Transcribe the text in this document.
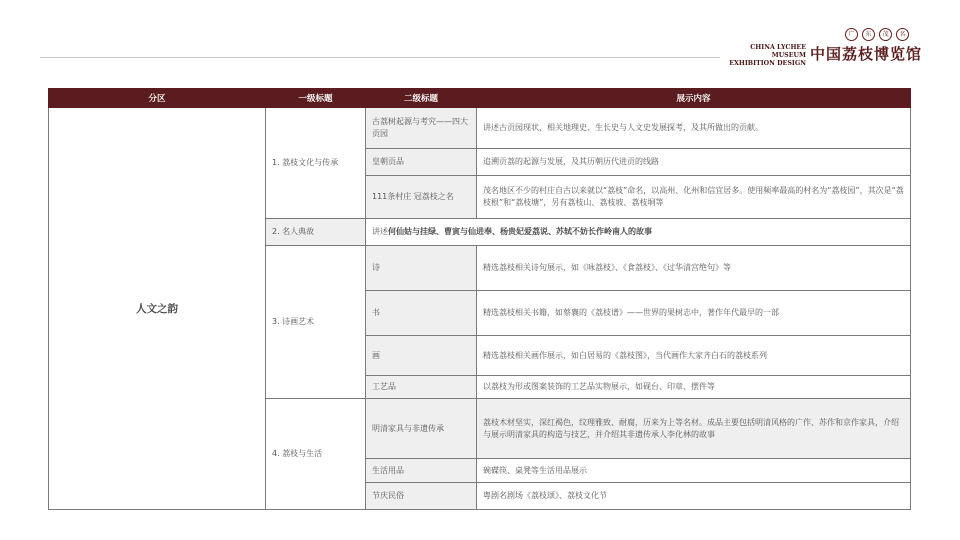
广	东	茂	名
CHINA LYCHEE MUSEUM
EXHIBITION DESIGN
中国荔枝博览馆
分区	一级标题	二级标题	展示内容
人文之韵	1. 荔枝文化与传承	古荔树起源与考究——四大贡园	讲述古贡园现状，相关地理史、生长史与人文史发展探考，及其所做出的贡献。
		皇朝贡品	追溯贡荔的起源与发展，及其历朝历代进贡的线路
		111条村庄 冠荔枝之名	茂名地区不少的村庄自古以来就以“荔枝”命名，以高州、化州和信宜居多。使用频率最高的村名为“荔枝园”，其次是“荔枝根”和“荔枝塘”，另有荔枝山、荔枝坡、荔枝垌等
	2. 名人典故	讲述何仙姑与挂绿、曹寅与仙进奉、杨贵妃爱荔说、苏轼不妨长作岭南人的故事	
	3. 诗画艺术	诗	精选荔枝相关诗句展示，如《咏荔枝》、《食荔枝》、《过华清宫绝句》等
		书	精选荔枝相关书籍，如蔡襄的《荔枝谱》——世界的果树志中，著作年代最早的一部
		画	精选荔枝相关画作展示，如白居易的《荔枝图》，当代画作大家齐白石的荔枝系列
		工艺品	以荔枝为形或图案装饰的工艺品实物展示，如砚台、印章、摆件等
	4. 荔枝与生活	明清家具与非遗传承	荔枝木材坚实，深红褐色，纹理雅致、耐腐，历来为上等名材。成品主要包括明清风格的广作、苏作和京作家具，介绍与展示明清家具的构造与技艺，并介绍其非遗传承人李化林的故事
		生活用品	碗碟筷、桌凳等生活用品展示
		节庆民俗	粤剧名剧场《荔枝颂》、荔枝文化节
